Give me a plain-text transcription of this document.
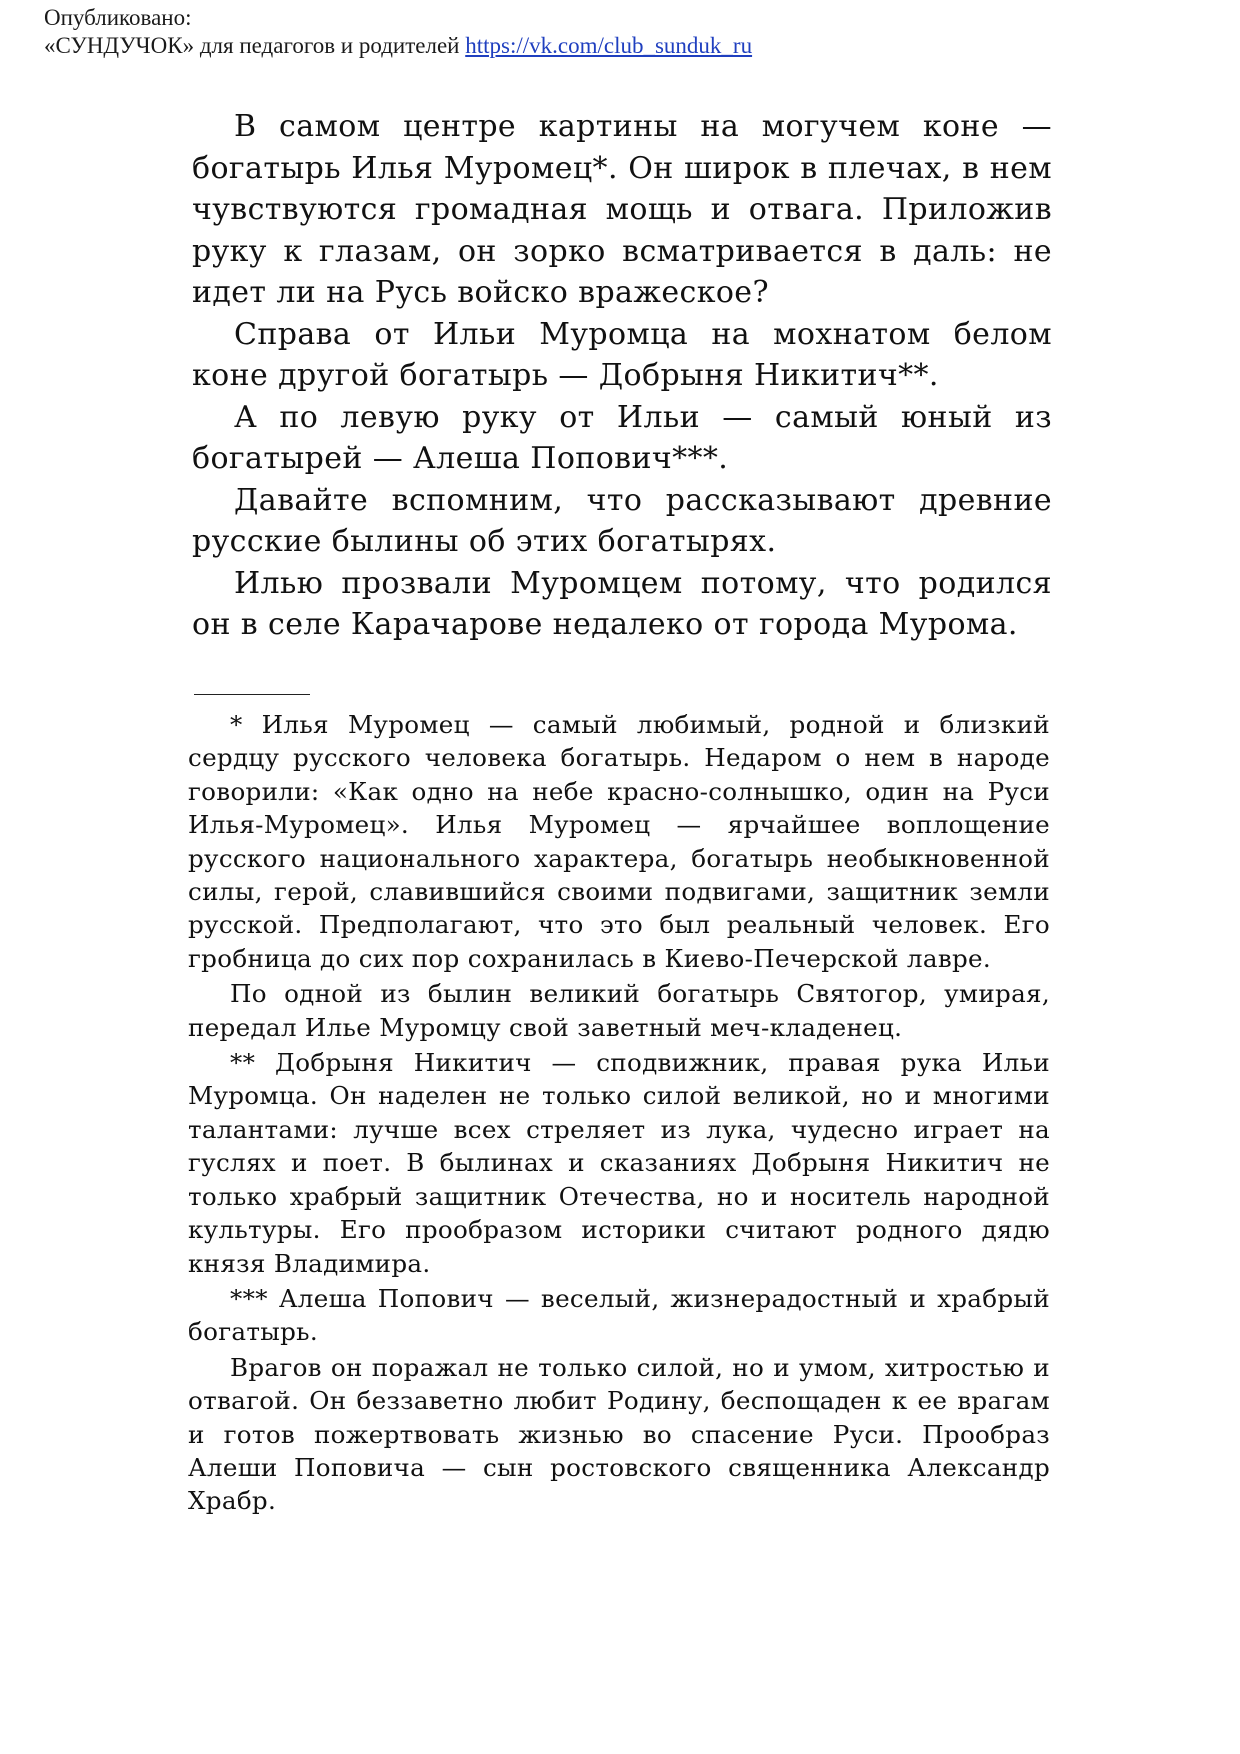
Опубликовано:
«СУНДУЧОК» для педагогов и родителей https://vk.com/club_sunduk_ru

В самом центре картины на могучем коне — богатырь Илья Муромец*. Он широк в плечах, в нем чувствуются громадная мощь и отвага. Приложив руку к глазам, он зорко всматривается в даль: не идет ли на Русь войско вражеское?

Справа от Ильи Муромца на мохнатом белом коне другой богатырь — Добрыня Никитич**.

А по левую руку от Ильи — самый юный из богатырей — Алеша Попович***.

Давайте вспомним, что рассказывают древние русские былины об этих богатырях.

Илью прозвали Муромцем потому, что родился он в селе Карачарове недалеко от города Мурома.

* Илья Муромец — самый любимый, родной и близкий сердцу русского человека богатырь. Недаром о нем в народе говорили: «Как одно на небе красно-солнышко, один на Руси Илья-Муромец». Илья Муромец — ярчайшее воплощение русского национального характера, богатырь необыкновенной силы, герой, славившийся своими подвигами, защитник земли русской. Предполагают, что это был реальный человек. Его гробница до сих пор сохранилась в Киево-Печерской лавре.

По одной из былин великий богатырь Святогор, умирая, передал Илье Муромцу свой заветный меч-кладенец.

** Добрыня Никитич — сподвижник, правая рука Ильи Муромца. Он наделен не только силой великой, но и многими талантами: лучше всех стреляет из лука, чудесно играет на гуслях и поет. В былинах и сказаниях Добрыня Никитич не только храбрый защитник Отечества, но и носитель народной культуры. Его прообразом историки считают родного дядю князя Владимира.

*** Алеша Попович — веселый, жизнерадостный и храбрый богатырь.

Врагов он поражал не только силой, но и умом, хитростью и отвагой. Он беззаветно любит Родину, беспощаден к ее врагам и готов пожертвовать жизнью во спасение Руси. Прообраз Алеши Поповича — сын ростовского священника Александр Храбр.
